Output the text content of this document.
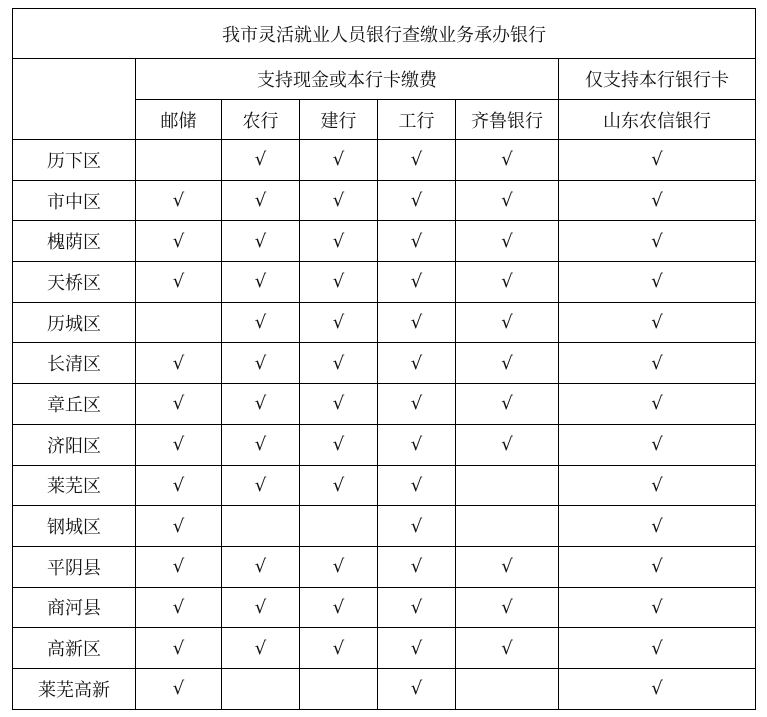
我市灵活就业人员银行查缴业务承办银行						
	支持现金或本行卡缴费					仅支持本行银行卡
	邮储	农行	建行	工行	齐鲁银行	山东农信银行
历下区		√	√	√	√	√
市中区	√	√	√	√	√	√
槐荫区	√	√	√	√	√	√
天桥区	√	√	√	√	√	√
历城区		√	√	√	√	√
长清区	√	√	√	√	√	√
章丘区	√	√	√	√	√	√
济阳区	√	√	√	√	√	√
莱芜区	√	√	√	√		√
钢城区	√			√		√
平阴县	√	√	√	√	√	√
商河县	√	√	√	√	√	√
高新区	√	√	√	√	√	√
莱芜高新	√			√		√
